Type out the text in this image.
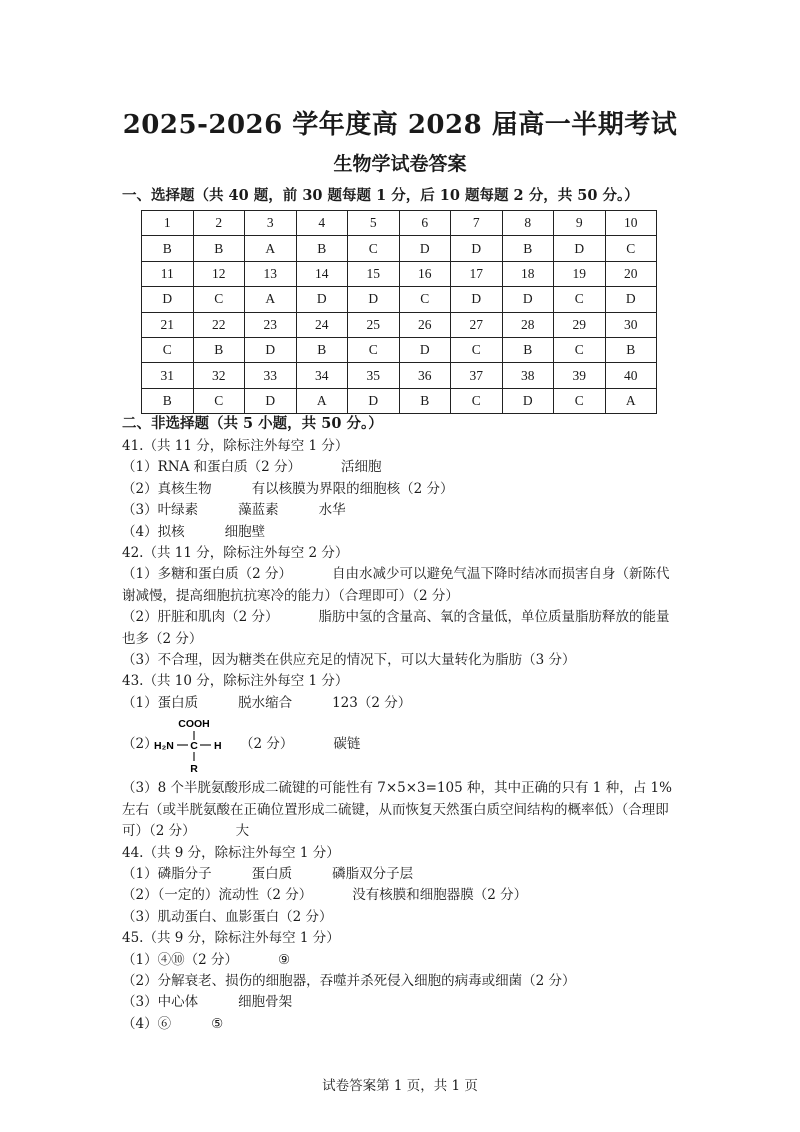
2025-2026 学年度高 2028 届高一半期考试
生物学试卷答案
一、选择题（共 40 题，前 30 题每题 1 分，后 10 题每题 2 分，共 50 分。）
1	2	3	4	5	6	7	8	9	10
B	B	A	B	C	D	D	B	D	C
11	12	13	14	15	16	17	18	19	20
D	C	A	D	D	C	D	D	C	D
21	22	23	24	25	26	27	28	29	30
C	B	D	B	C	D	C	B	C	B
31	32	33	34	35	36	37	38	39	40
B	C	D	A	D	B	C	D	C	A
二、非选择题（共 5 小题，共 50 分。）
41.（共 11 分，除标注外每空 1 分）
（1）RNA 和蛋白质（2 分）	活细胞
（2）真核生物	有以核膜为界限的细胞核（2 分）
（3）叶绿素	藻蓝素	水华
（4）拟核	细胞壁
42.（共 11 分，除标注外每空 2 分）
（1）多糖和蛋白质（2 分）	自由水减少可以避免气温下降时结冰而损害自身（新陈代谢减慢，提高细胞抗抗寒冷的能力）（合理即可）（2 分）
（2）肝脏和肌肉（2 分）	脂肪中氢的含量高、氧的含量低，单位质量脂肪释放的能量也多（2 分）
（3）不合理，因为糖类在供应充足的情况下，可以大量转化为脂肪（3 分）
43.（共 10 分，除标注外每空 1 分）
（1）蛋白质	脱水缩合	123（2 分）
（2）
COOH
H₂N C H
R
（2 分）	碳链
（3）8 个半胱氨酸形成二硫键的可能性有 7×5×3=105 种，其中正确的只有 1 种，占 1%左右（或半胱氨酸在正确位置形成二硫键，从而恢复天然蛋白质空间结构的概率低）（合理即可）（2 分）	大
44.（共 9 分，除标注外每空 1 分）
（1）磷脂分子	蛋白质	磷脂双分子层
（2）（一定的）流动性（2 分）	没有核膜和细胞器膜（2 分）
（3）肌动蛋白、血影蛋白（2 分）
45.（共 9 分，除标注外每空 1 分）
（1）④⑩（2 分）	⑨
（2）分解衰老、损伤的细胞器，吞噬并杀死侵入细胞的病毒或细菌（2 分）
（3）中心体	细胞骨架
（4）⑥	⑤
试卷答案第 1 页，共 1 页
